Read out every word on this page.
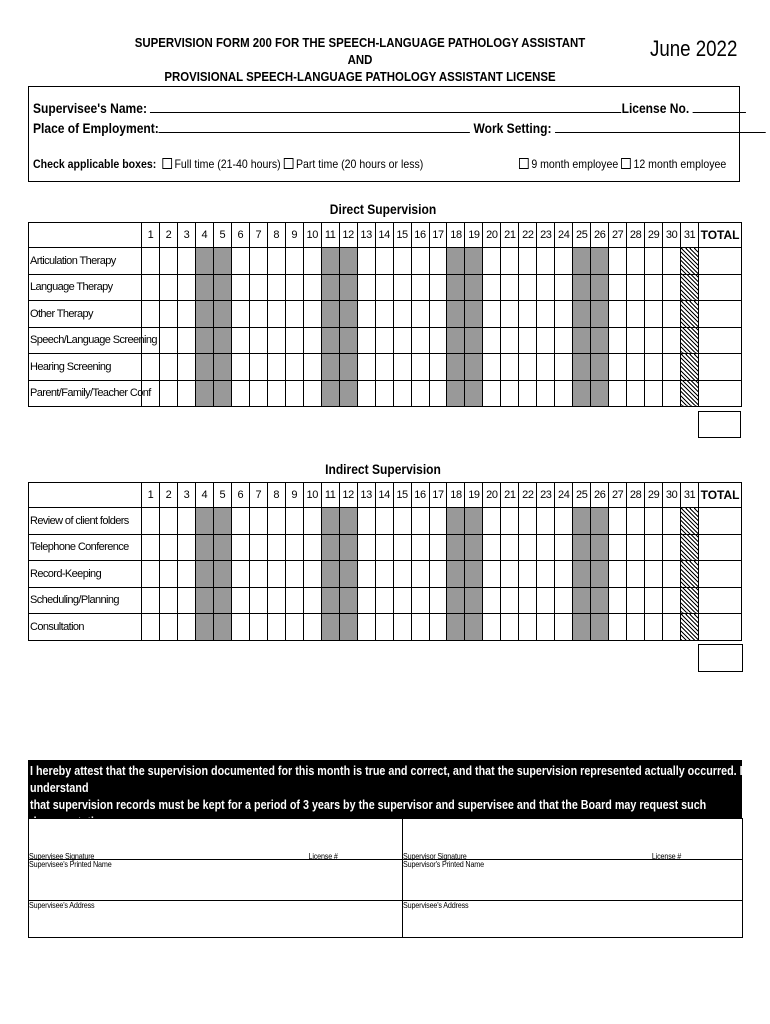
SUPERVISION FORM 200 FOR THE SPEECH-LANGUAGE PATHOLOGY ASSISTANT AND
PROVISIONAL SPEECH-LANGUAGE PATHOLOGY ASSISTANT LICENSE
June 2022
Supervisee's Name:	License No.
Place of Employment:	Work Setting:
Check applicable boxes: Full time (21-40 hours) Part time (20 hours or less)	9 month employee 12 month employee
Direct Supervision
	1	2	3	4	5	6	7	8	9	10	11	12	13	14	15	16	17	18	19	20	21	22	23	24	25	26	27	28	29	30	31	TOTAL
Articulation Therapy																																
Language Therapy																																
Other Therapy																																
Speech/Language Screening																																
Hearing Screening																																
Parent/Family/Teacher Conf																																
Indirect Supervision
	1	2	3	4	5	6	7	8	9	10	11	12	13	14	15	16	17	18	19	20	21	22	23	24	25	26	27	28	29	30	31	TOTAL
Review of client folders																																
Telephone Conference																																
Record-Keeping																																
Scheduling/Planning																																
Consultation																																
I hereby attest that the supervision documented for this month is true and correct, and that the supervision represented actually occurred. I understand
that supervision records must be kept for a period of 3 years by the supervisor and supervisee and that the Board may request such documentation.
Submission of inaccurate or falsified supervision documentation may result in disciplinary action.
Supervisee Signature License #	Supervisor Signature License #

Supervisee's Printed Name	Supervisor's Printed Name

Supervisee's Address	Supervisee's Address
